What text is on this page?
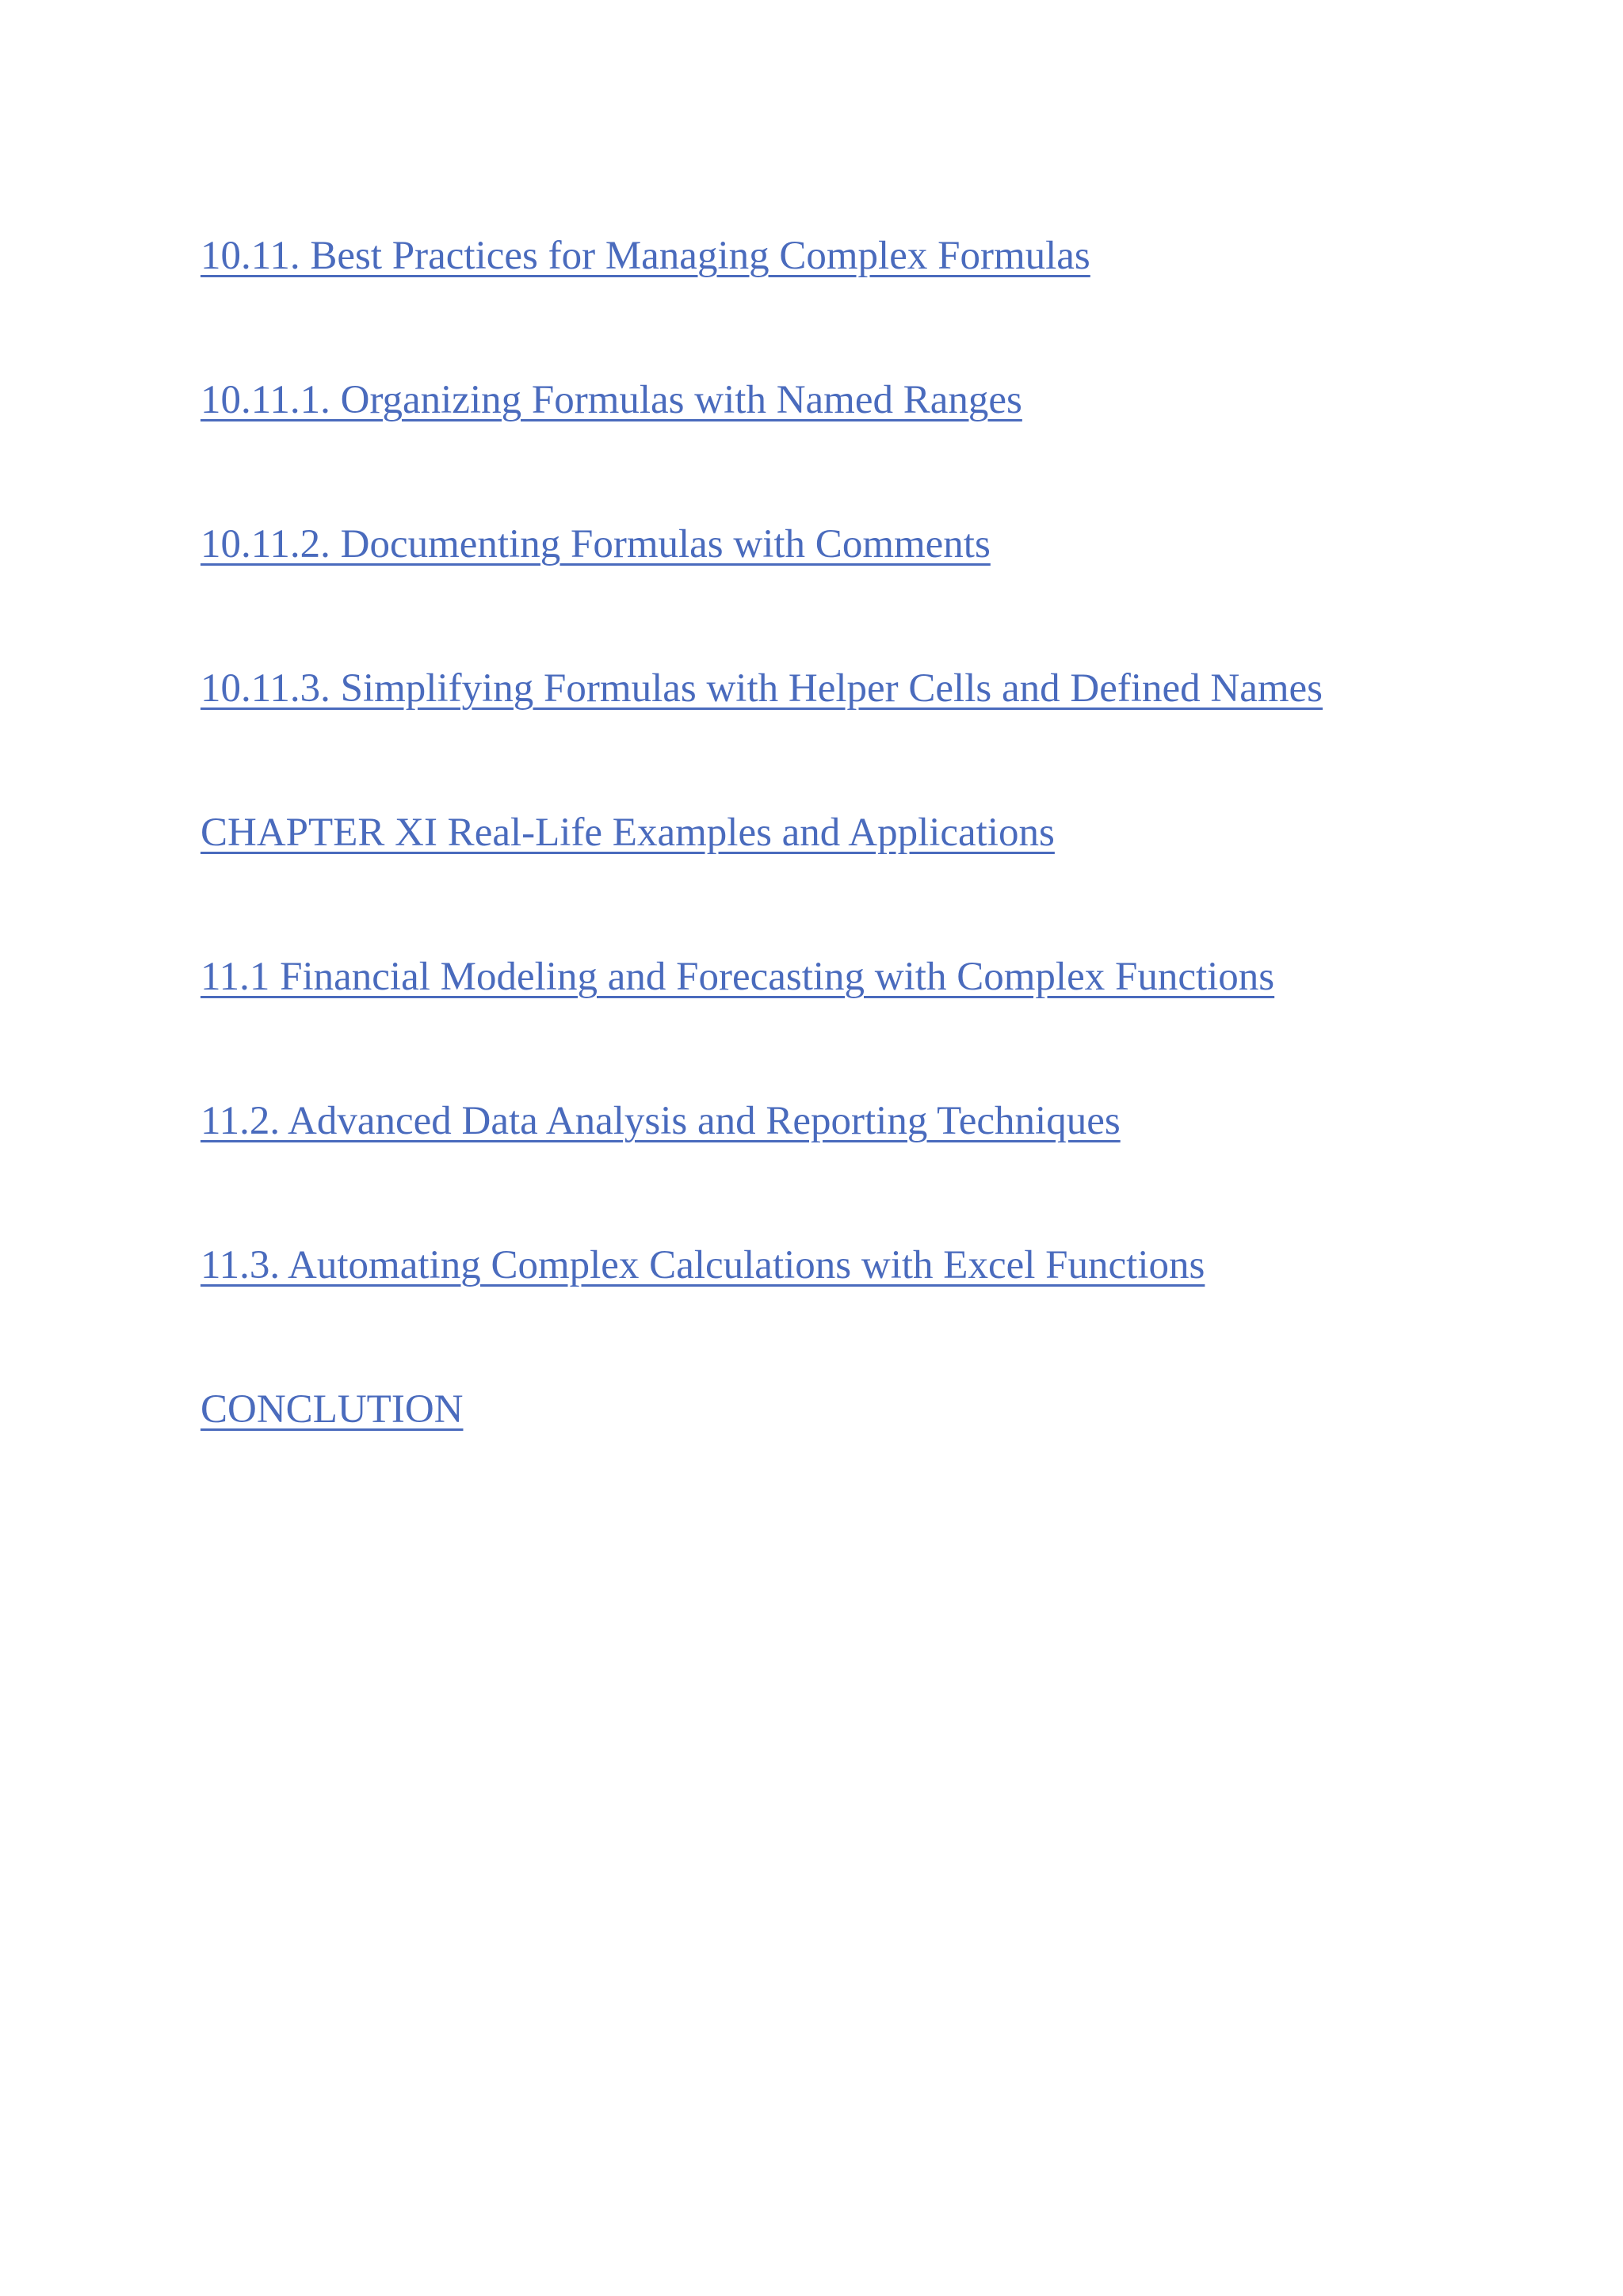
10.11. Best Practices for Managing Complex Formulas
10.11.1. Organizing Formulas with Named Ranges
10.11.2. Documenting Formulas with Comments
10.11.3. Simplifying Formulas with Helper Cells and Defined Names
CHAPTER XI Real-Life Examples and Applications
11.1 Financial Modeling and Forecasting with Complex Functions
11.2. Advanced Data Analysis and Reporting Techniques
11.3. Automating Complex Calculations with Excel Functions
CONCLUTION
